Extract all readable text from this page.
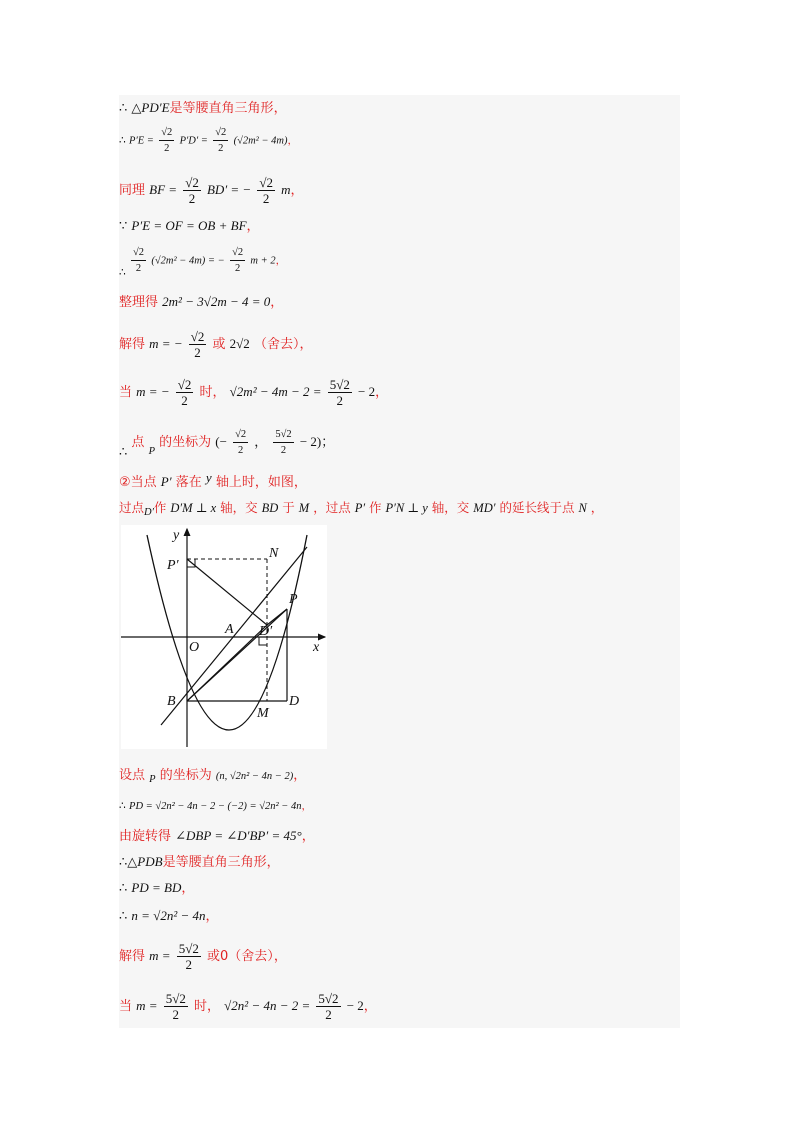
∴ △PD′E是等腰直角三角形，
∴ $P'E = \frac{√2}{2} P'D' = \frac{√2}{2} (√2m^2 - 4m)$，
同理 BF = $\frac{√2}{2} BD'$ = − $\frac{√2}{2}$ m，
∵ P′E = OF = OB + BF，
∴ $\frac{√2}{2} (√2m^2 - 4m)$ = − $\frac{√2}{2}$ m + 2，
整理得 2m² − 3√2m − 4 = 0，
解得 m = − $\frac{√2}{2}$ 或 2√2 （舍去），
当 m = − $\frac{√2}{2}$ 时， $√2m^2 - 4m - 2 = \frac{5√2}{2} - 2$，
∴ 点 $_P$ 的坐标为 (− $\frac{√2}{2}$ ， $\frac{5√2}{2} - 2$)；
②当点 P′ 落在 y 轴上时，如图，
过点$_{D'}$作 D′M ⊥ x 轴，交 BD 于 M ，过点 P′ 作 P′N ⊥ y 轴，交 MD′ 的延长线于点 N ，
y
x
O
A
B
M
D
P
P′
N
D′
设点 $_P$ 的坐标为 (n, √2n² − 4n − 2)，
∴ PD = √2n² − 4n − 2 − (−2) = √2n² − 4n，
由旋转得 ∠DBP = ∠D′BP′ = 45°，
∴△PDB是等腰直角三角形，
∴ PD = BD，
∴ n = √2n² − 4n，
解得 $m = \frac{5√2}{2}$ 或0（舍去），
当 $m = \frac{5√2}{2}$ 时， $√2n^2 - 4n - 2 = \frac{5√2}{2} - 2$，
